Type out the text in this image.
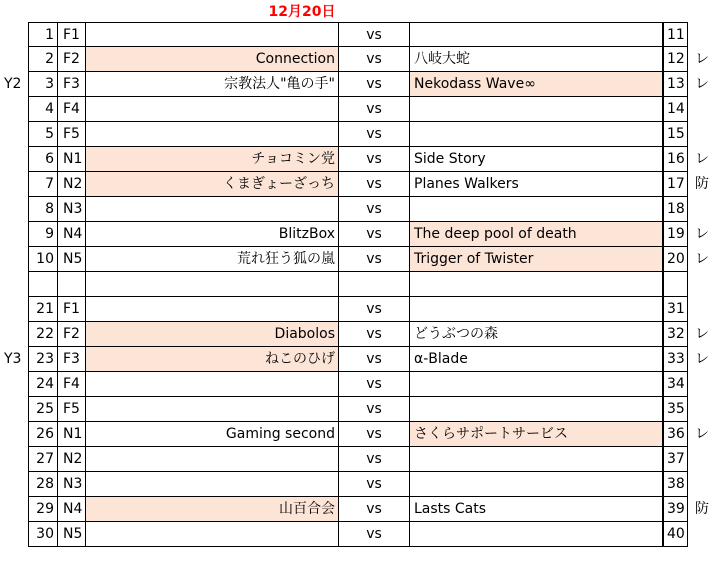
12月20日
1 F1	vs	11
2 F2	Connection	vs	八岐大蛇	12 レ
3 F3	宗教法人"亀の手"	vs	Nekodass Wave∞	13 レ
4 F4	vs	14
5 F5	vs	15
6 N1	チョコミン党	vs	Side Story	16 レ
7 N2	くまぎょーざっち	vs	Planes Walkers	17 防
8 N3	vs	18
9 N4	BlitzBox	vs	The deep pool of death	19 レ
10 N5	荒れ狂う狐の嵐	vs	Trigger of Twister	20 レ
Y2
21 F1	vs	31
22 F2	Diabolos	vs	どうぶつの森	32 レ
23 F3	ねこのひげ	vs	α-Blade	33 レ
24 F4	vs	34
25 F5	vs	35
26 N1	Gaming second	vs	さくらサポートサービス	36 レ
27 N2	vs	37
28 N3	vs	38
29 N4	山百合会	vs	Lasts Cats	39 防
30 N5	vs	40
Y3
